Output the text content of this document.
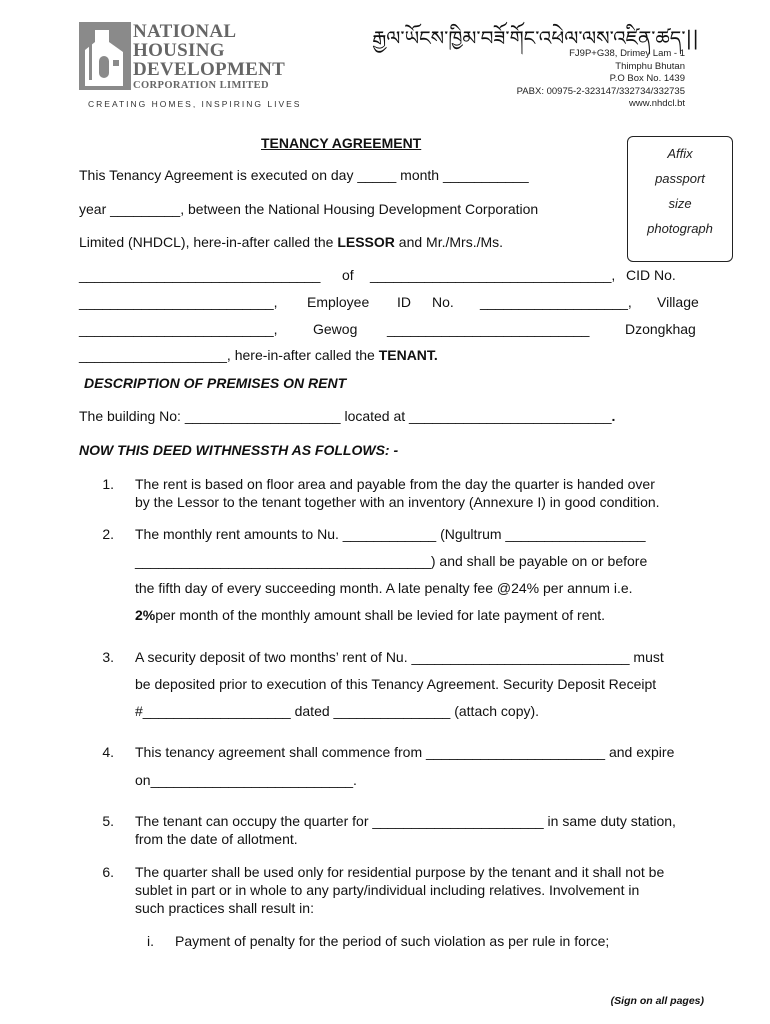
NATIONAL
HOUSING
DEVELOPMENT
CORPORATION LIMITED
CREATING HOMES, INSPIRING LIVES
རྒྱལ་ཡོངས་ཁྱིམ་བཟོ་གོང་འཕེལ་ལས་འཛིན་ཚད་||
FJ9P+G38, Drimey Lam - 1
Thimphu Bhutan
P.O Box No. 1439
PABX: 00975-2-323147/332734/332735
www.nhdcl.bt
Affix
passport
size
photograph
TENANCY AGREEMENT
This Tenancy Agreement is executed on day _____ month ___________
year _________, between the National Housing Development Corporation
Limited (NHDCL), here-in-after called the LESSOR and Mr./Mrs./Ms.
_______________________________ of _______________________________, CID No.
_________________________, Employee ID No. ___________________, Village
_________________________,	Gewog __________________________	Dzongkhag
___________________, here-in-after called the TENANT.
DESCRIPTION OF PREMISES ON RENT
The building No: ____________________ located at __________________________.
NOW THIS DEED WITHNESSTH AS FOLLOWS: -
1. The rent is based on floor area and payable from the day the quarter is handed over
by the Lessor to the tenant together with an inventory (Annexure I) in good condition.
2. The monthly rent amounts to Nu. ____________ (Ngultrum __________________
______________________________________) and shall be payable on or before
the fifth day of every succeeding month. A late penalty fee @24% per annum i.e.
2%per month of the monthly amount shall be levied for late payment of rent.
3. A security deposit of two months’ rent of Nu. ____________________________ must
be deposited prior to execution of this Tenancy Agreement. Security Deposit Receipt
#___________________ dated _______________ (attach copy).
4. This tenancy agreement shall commence from _______________________ and expire
on__________________________.
5. The tenant can occupy the quarter for ______________________ in same duty station,
from the date of allotment.
6. The quarter shall be used only for residential purpose by the tenant and it shall not be
sublet in part or in whole to any party/individual including relatives. Involvement in
such practices shall result in:
i. Payment of penalty for the period of such violation as per rule in force;
(Sign on all pages)
